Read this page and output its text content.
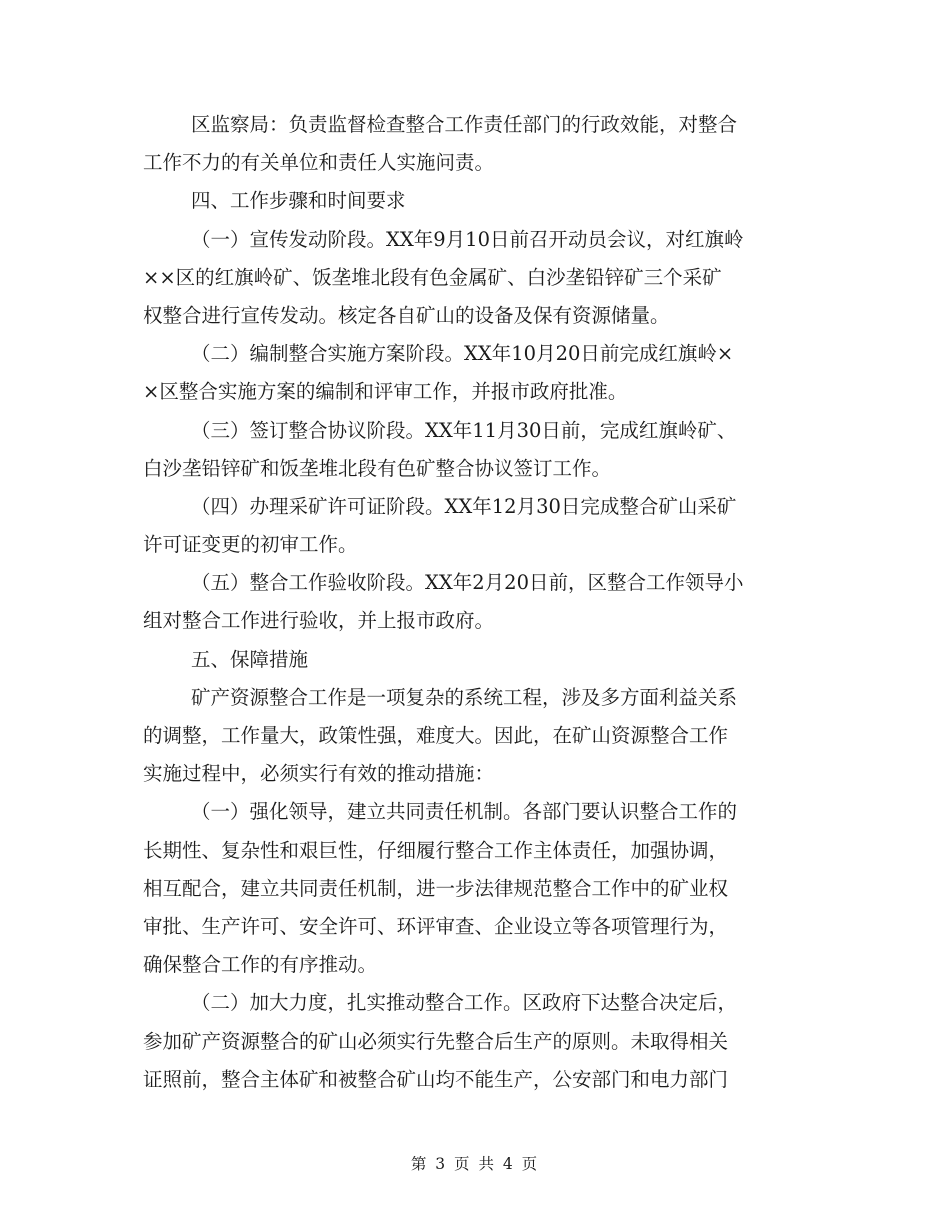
区监察局：负责监督检查整合工作责任部门的行政效能，对整合
工作不力的有关单位和责任人实施问责。
四、工作步骤和时间要求
（一）宣传发动阶段。XX年9月10日前召开动员会议，对红旗岭
××区的红旗岭矿、饭垄堆北段有色金属矿、白沙垄铅锌矿三个采矿
权整合进行宣传发动。核定各自矿山的设备及保有资源储量。
（二）编制整合实施方案阶段。XX年10月20日前完成红旗岭×
×区整合实施方案的编制和评审工作，并报市政府批准。
（三）签订整合协议阶段。XX年11月30日前，完成红旗岭矿、
白沙垄铅锌矿和饭垄堆北段有色矿整合协议签订工作。
（四）办理采矿许可证阶段。XX年12月30日完成整合矿山采矿
许可证变更的初审工作。
（五）整合工作验收阶段。XX年2月20日前，区整合工作领导小
组对整合工作进行验收，并上报市政府。
五、保障措施
矿产资源整合工作是一项复杂的系统工程，涉及多方面利益关系
的调整，工作量大，政策性强，难度大。因此，在矿山资源整合工作
实施过程中，必须实行有效的推动措施：
（一）强化领导，建立共同责任机制。各部门要认识整合工作的
长期性、复杂性和艰巨性，仔细履行整合工作主体责任，加强协调，
相互配合，建立共同责任机制，进一步法律规范整合工作中的矿业权
审批、生产许可、安全许可、环评审查、企业设立等各项管理行为，
确保整合工作的有序推动。
（二）加大力度，扎实推动整合工作。区政府下达整合决定后，
参加矿产资源整合的矿山必须实行先整合后生产的原则。未取得相关
证照前，整合主体矿和被整合矿山均不能生产，公安部门和电力部门
第 3 页 共 4 页
